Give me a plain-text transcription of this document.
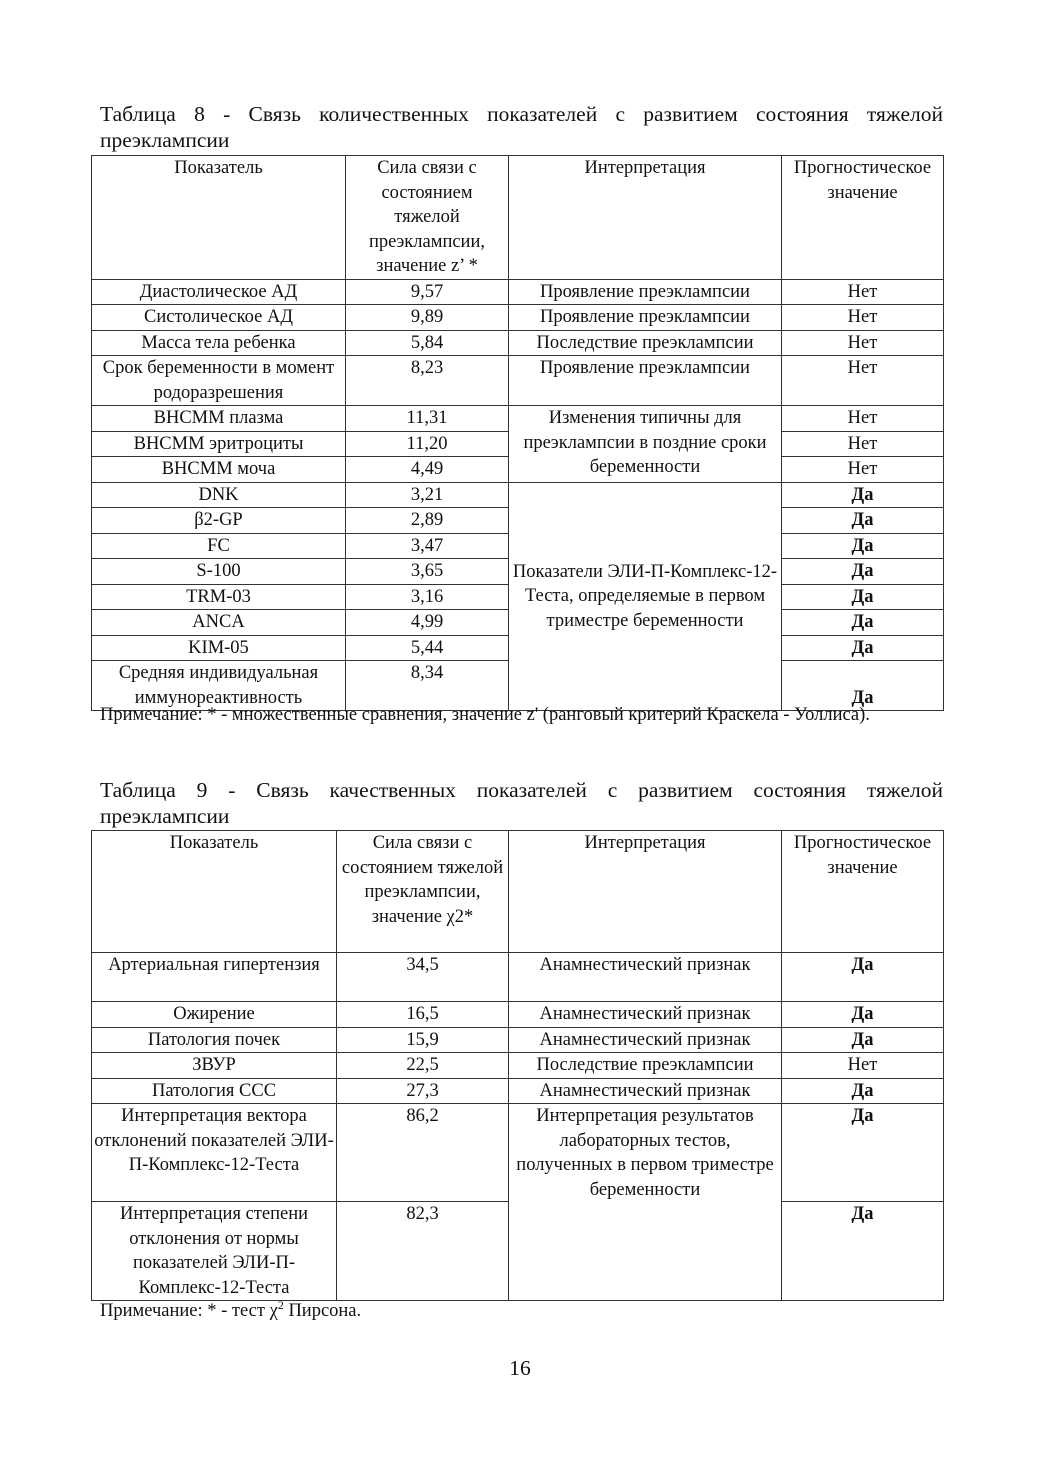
Таблица 8 - Связь количественных показателей с развитием состояния тяжелой
преэклампсии
Показатель	Сила связи с состоянием тяжелой преэклампсии, значение z’ *	Интерпретация	Прогностическое значение
Диастолическое АД	9,57	Проявление преэклампсии	Нет
Систолическое АД	9,89	Проявление преэклампсии	Нет
Масса тела ребенка	5,84	Последствие преэклампсии	Нет
Срок беременности в момент родоразрешения	8,23	Проявление преэклампсии	Нет
ВНСММ плазма	11,31	Изменения типичны для преэклампсии в поздние сроки беременности	Нет
ВНСММ эритроциты	11,20		Нет
ВНСММ моча	4,49		Нет
DNK	3,21	Показатели ЭЛИ-П-Комплекс-12-Теста, определяемые в первом триместре беременности	Да
β2-GP	2,89		Да
FC	3,47		Да
S-100	3,65		Да
TRM-03	3,16		Да
ANCA	4,99		Да
KIM-05	5,44		Да
Средняя индивидуальная иммунореактивность	8,34		Да
Примечание: * - множественные сравнения, значение z' (ранговый критерий Краскела - Уоллиса).
Таблица 9 - Связь качественных показателей с развитием состояния тяжелой
преэклампсии
Показатель	Сила связи с состоянием тяжелой преэклампсии, значение χ2*	Интерпретация	Прогностическое значение
Артериальная гипертензия	34,5	Анамнестический признак	Да
Ожирение	16,5	Анамнестический признак	Да
Патология почек	15,9	Анамнестический признак	Да
ЗВУР	22,5	Последствие преэклампсии	Нет
Патология ССС	27,3	Анамнестический признак	Да
Интерпретация вектора отклонений показателей ЭЛИ-П-Комплекс-12-Теста	86,2	Интерпретация результатов лабораторных тестов, полученных в первом триместре беременности	Да
Интерпретация степени отклонения от нормы показателей ЭЛИ-П-Комплекс-12-Теста	82,3		Да
Примечание: * - тест $\chi^2$ Пирсона.
16
